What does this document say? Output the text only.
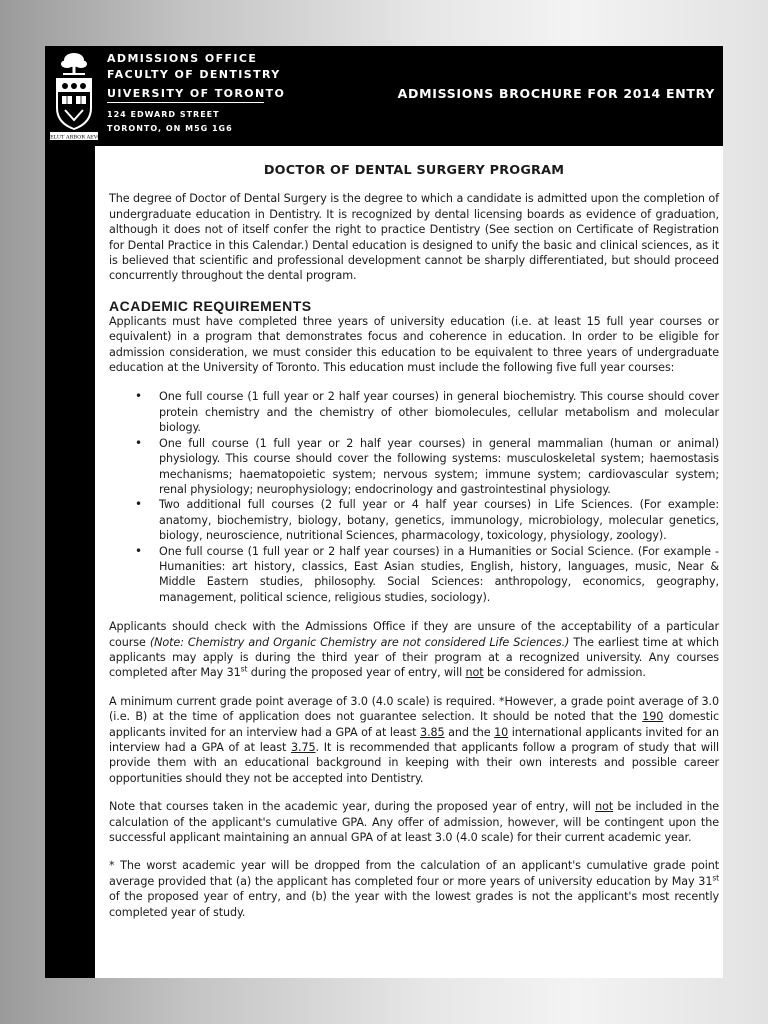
VELUT ARBOR AEVO
ADMISSIONS OFFICE
FACULTY OF DENTISTRY
UIVERSITY OF TORONTO
124 EDWARD STREET
TORONTO, ON M5G 1G6
ADMISSIONS BROCHURE FOR 2014 ENTRY
DOCTOR OF DENTAL SURGERY PROGRAM

The degree of Doctor of Dental Surgery is the degree to which a candidate is admitted upon the completion of undergraduate education in Dentistry. It is recognized by dental licensing boards as evidence of graduation, although it does not of itself confer the right to practice Dentistry (See section on Certificate of Registration for Dental Practice in this Calendar.) Dental education is designed to unify the basic and clinical sciences, as it is believed that scientific and professional development cannot be sharply differentiated, but should proceed concurrently throughout the dental program.

ACADEMIC REQUIREMENTS

Applicants must have completed three years of university education (i.e. at least 15 full year courses or equivalent) in a program that demonstrates focus and coherence in education. In order to be eligible for admission consideration, we must consider this education to be equivalent to three years of undergraduate education at the University of Toronto. This education must include the following five full year courses:

• One full course (1 full year or 2 half year courses) in general biochemistry. This course should cover protein chemistry and the chemistry of other biomolecules, cellular metabolism and molecular biology.
• One full course (1 full year or 2 half year courses) in general mammalian (human or animal) physiology. This course should cover the following systems: musculoskeletal system; haemostasis mechanisms; haematopoietic system; nervous system; immune system; cardiovascular system; renal physiology; neurophysiology; endocrinology and gastrointestinal physiology.
• Two additional full courses (2 full year or 4 half year courses) in Life Sciences. (For example: anatomy, biochemistry, biology, botany, genetics, immunology, microbiology, molecular genetics, biology, neuroscience, nutritional Sciences, pharmacology, toxicology, physiology, zoology).
• One full course (1 full year or 2 half year courses) in a Humanities or Social Science. (For example - Humanities: art history, classics, East Asian studies, English, history, languages, music, Near & Middle Eastern studies, philosophy. Social Sciences: anthropology, economics, geography, management, political science, religious studies, sociology).

Applicants should check with the Admissions Office if they are unsure of the acceptability of a particular course (Note: Chemistry and Organic Chemistry are not considered Life Sciences.) The earliest time at which applicants may apply is during the third year of their program at a recognized university. Any courses completed after May 31st during the proposed year of entry, will not be considered for admission.

A minimum current grade point average of 3.0 (4.0 scale) is required. *However, a grade point average of 3.0 (i.e. B) at the time of application does not guarantee selection. It should be noted that the 190 domestic applicants invited for an interview had a GPA of at least 3.85 and the 10 international applicants invited for an interview had a GPA of at least 3.75. It is recommended that applicants follow a program of study that will provide them with an educational background in keeping with their own interests and possible career opportunities should they not be accepted into Dentistry.

Note that courses taken in the academic year, during the proposed year of entry, will not be included in the calculation of the applicant's cumulative GPA. Any offer of admission, however, will be contingent upon the successful applicant maintaining an annual GPA of at least 3.0 (4.0 scale) for their current academic year.

* The worst academic year will be dropped from the calculation of an applicant's cumulative grade point average provided that (a) the applicant has completed four or more years of university education by May 31st of the proposed year of entry, and (b) the year with the lowest grades is not the applicant's most recently completed year of study.
